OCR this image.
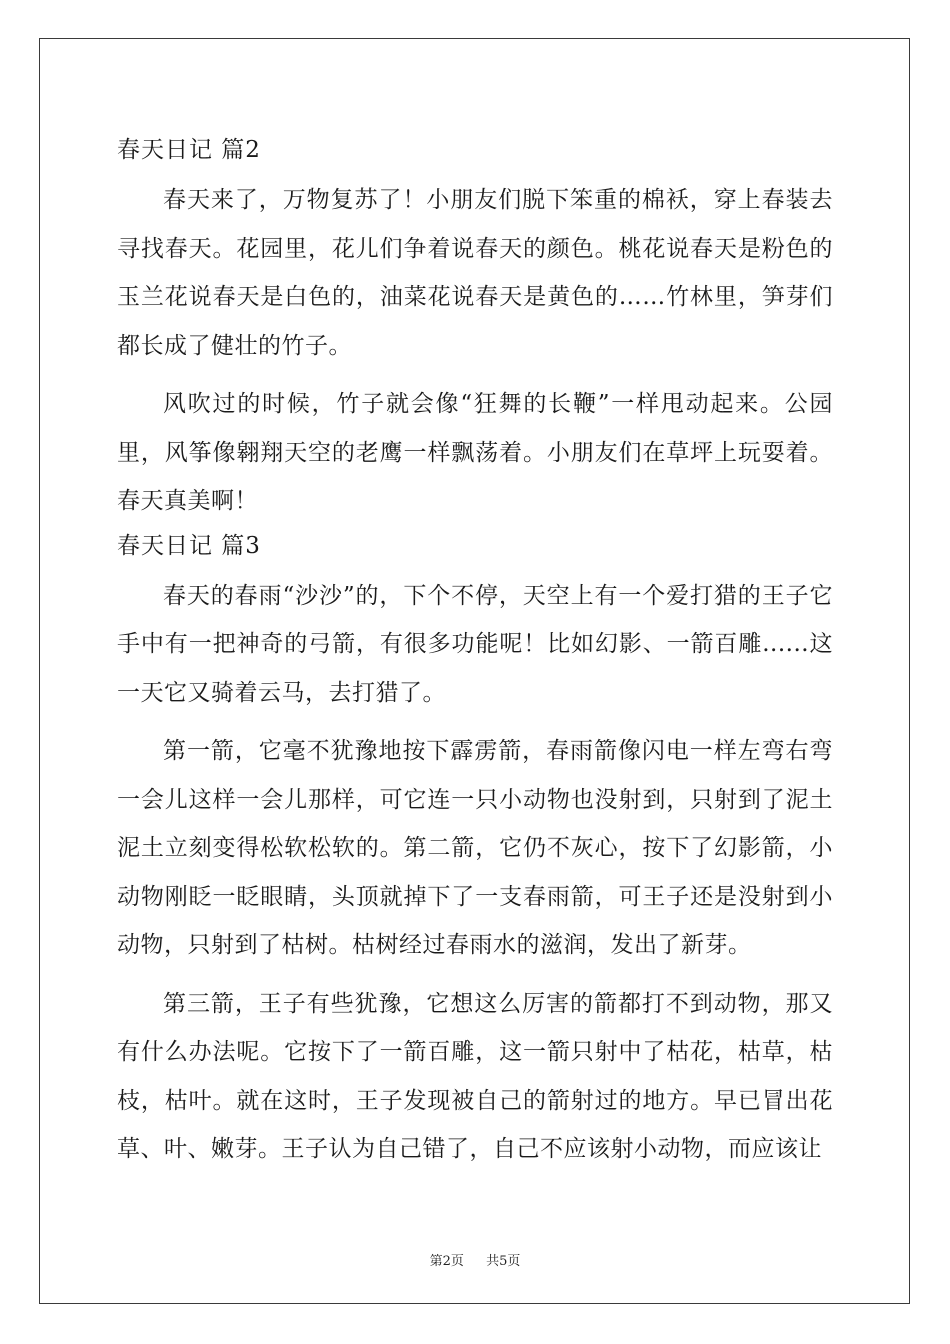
春天日记 篇2

春天来了，万物复苏了！小朋友们脱下笨重的棉袄，穿上春装去寻找春天。花园里，花儿们争着说春天的颜色。桃花说春天是粉色的玉兰花说春天是白色的，油菜花说春天是黄色的……竹林里，笋芽们都长成了健壮的竹子。

风吹过的时候，竹子就会像“狂舞的长鞭”一样甩动起来。公园里，风筝像翱翔天空的老鹰一样飘荡着。小朋友们在草坪上玩耍着。春天真美啊！

春天日记 篇3

春天的春雨“沙沙”的，下个不停，天空上有一个爱打猎的王子它手中有一把神奇的弓箭，有很多功能呢！比如幻影、一箭百雕......这一天它又骑着云马，去打猎了。

第一箭，它毫不犹豫地按下霹雳箭，春雨箭像闪电一样左弯右弯一会儿这样一会儿那样，可它连一只小动物也没射到，只射到了泥土泥土立刻变得松软松软的。第二箭，它仍不灰心，按下了幻影箭，小动物刚眨一眨眼睛，头顶就掉下了一支春雨箭，可王子还是没射到小动物，只射到了枯树。枯树经过春雨水的滋润，发出了新芽。

第三箭，王子有些犹豫，它想这么厉害的箭都打不到动物，那又有什么办法呢。它按下了一箭百雕，这一箭只射中了枯花，枯草，枯枝，枯叶。就在这时，王子发现被自己的箭射过的地方。早已冒出花草、叶、嫩芽。王子认为自己错了，自己不应该射小动物，而应该让

第2页 共5页
